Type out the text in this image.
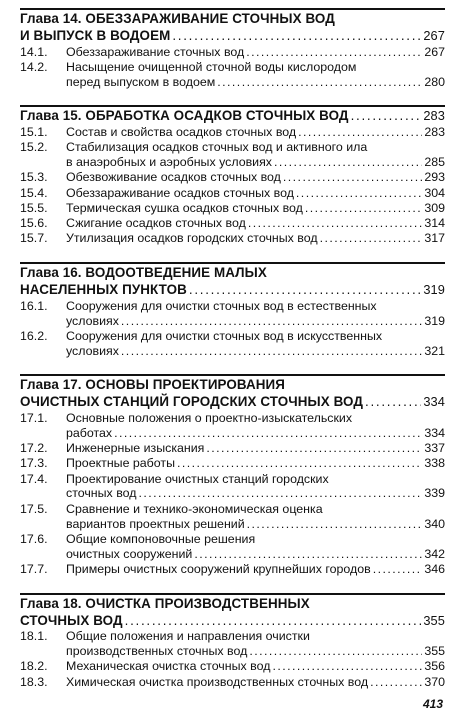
Глава 14. ОБЕЗЗАРАЖИВАНИЕ СТОЧНЫХ ВОД
И ВЫПУСК В ВОДОЕМ . . .	267
14.1.	Обеззараживание сточных вод . . .	267
14.2.	Насыщение очищенной сточной воды кислородом
перед выпуском в водоем . . .	280
Глава 15. ОБРАБОТКА ОСАДКОВ СТОЧНЫХ ВОД . . .	283
15.1.	Состав и свойства осадков сточных вод . . .	283
15.2.	Стабилизация осадков сточных вод и активного ила
в анаэробных и аэробных условиях . . .	285
15.3.	Обезвоживание осадков сточных вод . . .	293
15.4.	Обеззараживание осадков сточных вод . . .	304
15.5.	Термическая сушка осадков сточных вод . . .	309
15.6.	Сжигание осадков сточных вод . . .	314
15.7.	Утилизация осадков городских сточных вод . . .	317
Глава 16. ВОДООТВЕДЕНИЕ МАЛЫХ
НАСЕЛЕННЫХ ПУНКТОВ . . .	319
16.1.	Сооружения для очистки сточных вод в естественных
условиях . . .	319
16.2.	Сооружения для очистки сточных вод в искусственных
условиях . . .	321
Глава 17. ОСНОВЫ ПРОЕКТИРОВАНИЯ
ОЧИСТНЫХ СТАНЦИЙ ГОРОДСКИХ СТОЧНЫХ ВОД . . .	334
17.1.	Основные положения о проектно-изыскательских
работах . . .	334
17.2.	Инженерные изыскания . . .	337
17.3.	Проектные работы . . .	338
17.4.	Проектирование очистных станций городских
сточных вод . . .	339
17.5.	Сравнение и технико-экономическая оценка
вариантов проектных решений . . .	340
17.6.	Общие компоновочные решения
очистных сооружений . . .	342
17.7.	Примеры очистных сооружений крупнейших городов . . .	346
Глава 18. ОЧИСТКА ПРОИЗВОДСТВЕННЫХ
СТОЧНЫХ ВОД . . .	355
18.1.	Общие положения и направления очистки
производственных сточных вод . . .	355
18.2.	Механическая очистка сточных вод . . .	356
18.3.	Химическая очистка производственных сточных вод . . .	370
413
